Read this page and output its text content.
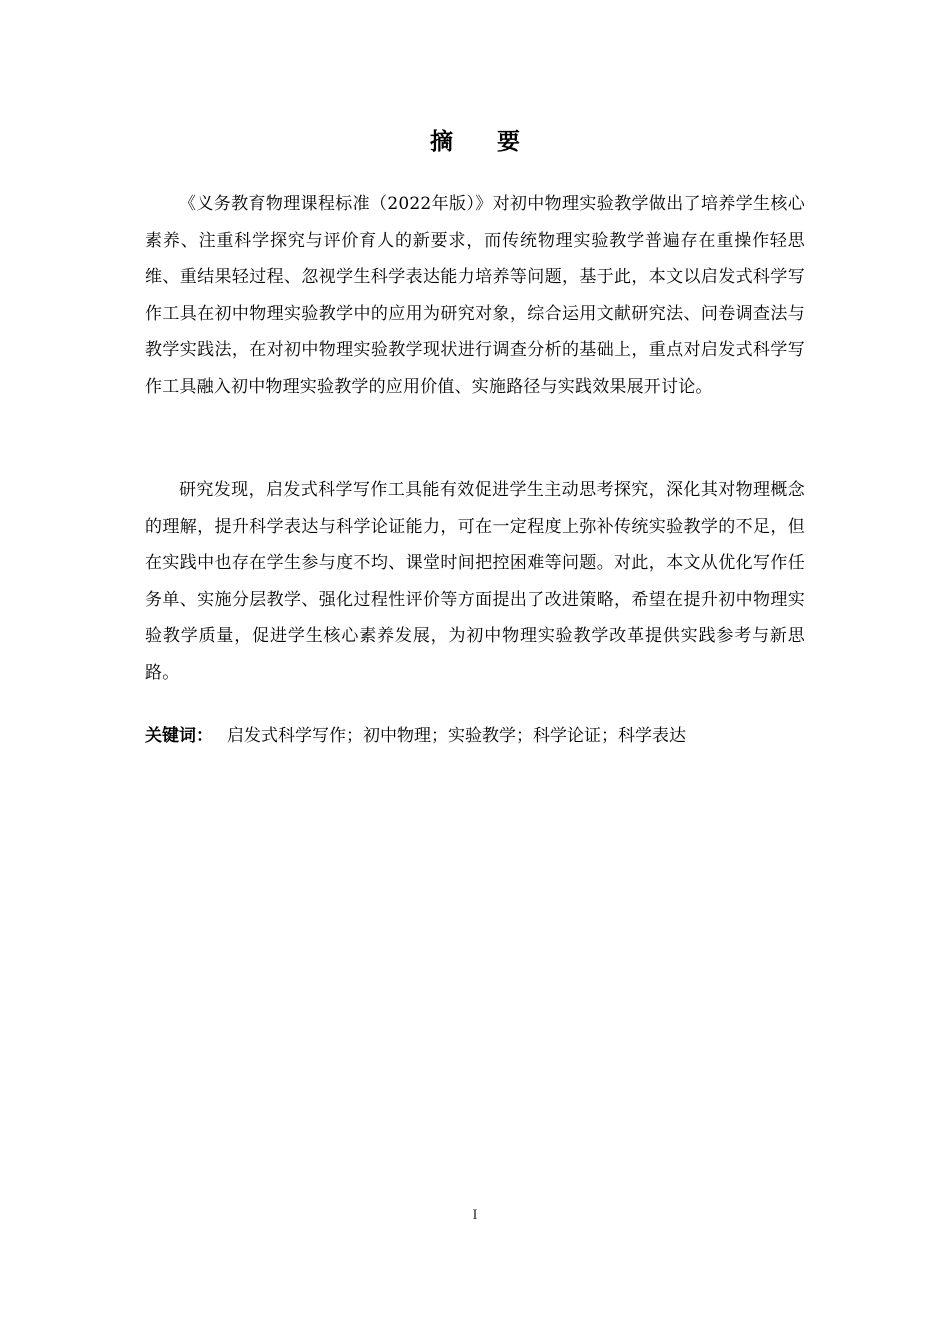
摘 要

《义务教育物理课程标准（2022年版）》对初中物理实验教学做出了培养学生核心素养、注重科学探究与评价育人的新要求，而传统物理实验教学普遍存在重操作轻思维、重结果轻过程、忽视学生科学表达能力培养等问题，基于此，本文以启发式科学写作工具在初中物理实验教学中的应用为研究对象，综合运用文献研究法、问卷调查法与教学实践法，在对初中物理实验教学现状进行调查分析的基础上，重点对启发式科学写作工具融入初中物理实验教学的应用价值、实施路径与实践效果展开讨论。

研究发现，启发式科学写作工具能有效促进学生主动思考探究，深化其对物理概念的理解，提升科学表达与科学论证能力，可在一定程度上弥补传统实验教学的不足，但在实践中也存在学生参与度不均、课堂时间把控困难等问题。对此，本文从优化写作任务单、实施分层教学、强化过程性评价等方面提出了改进策略，希望在提升初中物理实验教学质量，促进学生核心素养发展，为初中物理实验教学改革提供实践参考与新思路。

关键词： 启发式科学写作；初中物理；实验教学；科学论证；科学表达
I
